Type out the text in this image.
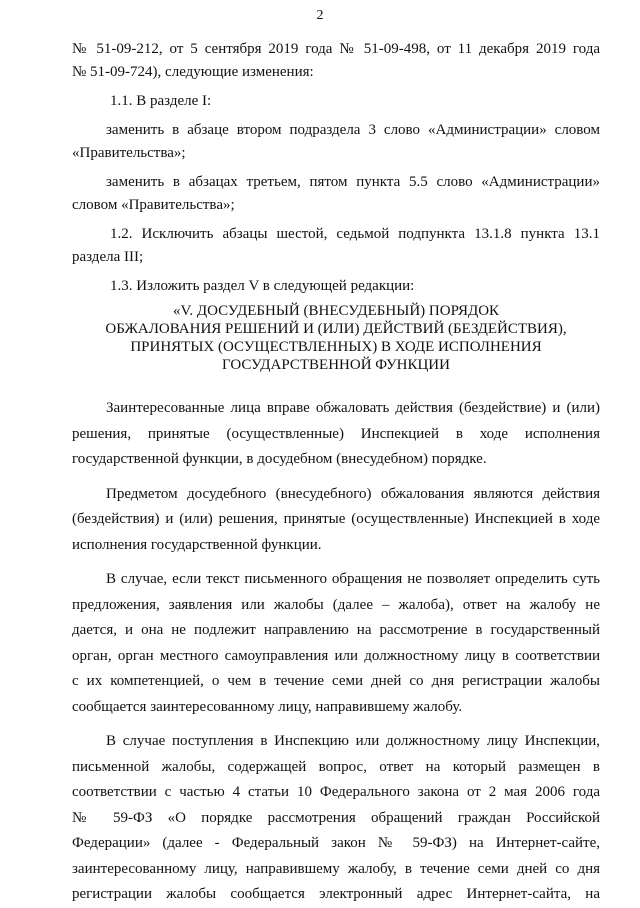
2
№ 51-09-212, от 5 сентября 2019 года № 51-09-498, от 11 декабря 2019 года
№ 51-09-724), следующие изменения:
1.1. В разделе I:
заменить в абзаце втором подраздела 3 слово «Администрации» словом
«Правительства»;
заменить в абзацах третьем, пятом пункта 5.5 слово «Администрации»
словом «Правительства»;
1.2. Исключить абзацы шестой, седьмой подпункта 13.1.8 пункта 13.1
раздела III;
1.3. Изложить раздел V в следующей редакции:
«V. ДОСУДЕБНЫЙ (ВНЕСУДЕБНЫЙ) ПОРЯДОК
ОБЖАЛОВАНИЯ РЕШЕНИЙ И (ИЛИ) ДЕЙСТВИЙ (БЕЗДЕЙСТВИЯ),
ПРИНЯТЫХ (ОСУЩЕСТВЛЕННЫХ) В ХОДЕ ИСПОЛНЕНИЯ
ГОСУДАРСТВЕННОЙ ФУНКЦИИ
Заинтересованные лица вправе обжаловать действия (бездействие) и (или)
решения, принятые (осуществленные) Инспекцией в ходе исполнения
государственной функции, в досудебном (внесудебном) порядке.
Предметом досудебного (внесудебного) обжалования являются действия
(бездействия) и (или) решения, принятые (осуществленные) Инспекцией в ходе
исполнения государственной функции.
В случае, если текст письменного обращения не позволяет определить суть
предложения, заявления или жалобы (далее – жалоба), ответ на жалобу не
дается, и она не подлежит направлению на рассмотрение в государственный
орган, орган местного самоуправления или должностному лицу в соответствии
с их компетенцией, о чем в течение семи дней со дня регистрации жалобы
сообщается заинтересованному лицу, направившему жалобу.
В случае поступления в Инспекцию или должностному лицу Инспекции,
письменной жалобы, содержащей вопрос, ответ на который размещен в
соответствии с частью 4 статьи 10 Федерального закона от 2 мая 2006 года
№ 59-ФЗ «О порядке рассмотрения обращений граждан Российской
Федерации» (далее - Федеральный закон № 59-ФЗ) на Интернет-сайте,
заинтересованному лицу, направившему жалобу, в течение семи дней со дня
регистрации жалобы сообщается электронный адрес Интернет-сайта, на
